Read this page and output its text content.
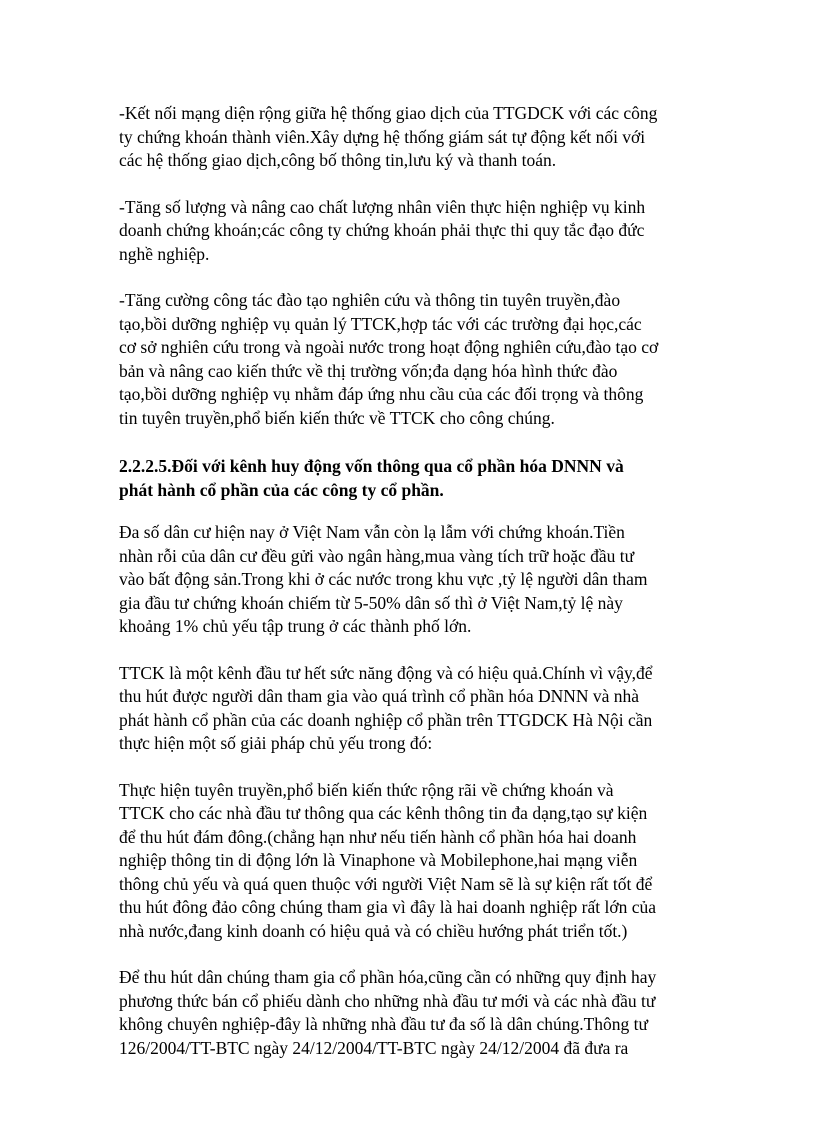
-Kết nối mạng diện rộng giữa hệ thống giao dịch của TTGDCK với các công
ty chứng khoán thành viên.Xây dựng hệ thống giám sát tự động kết nối với
các hệ thống giao dịch,công bố thông tin,lưu ký và thanh toán.

-Tăng số lượng và nâng cao chất lượng nhân viên thực hiện nghiệp vụ kinh
doanh chứng khoán;các công ty chứng khoán phải thực thi quy tắc đạo đức
nghề nghiệp.

-Tăng cường công tác đào tạo nghiên cứu và thông tin tuyên truyền,đào
tạo,bồi dưỡng nghiệp vụ quản lý TTCK,hợp tác với các trường đại học,các
cơ sở nghiên cứu trong và ngoài nước trong hoạt động nghiên cứu,đào tạo cơ
bản và nâng cao kiến thức về thị trường vốn;đa dạng hóa hình thức đào
tạo,bồi dưỡng nghiệp vụ nhằm đáp ứng nhu cầu của các đối trọng và thông
tin tuyên truyền,phổ biến kiến thức về TTCK cho công chúng.

2.2.2.5.Đối với kênh huy động vốn thông qua cổ phần hóa DNNN và
phát hành cổ phần của các công ty cổ phần.

Đa số dân cư hiện nay ở Việt Nam vẫn còn lạ lẫm với chứng khoán.Tiền
nhàn rỗi của dân cư đều gửi vào ngân hàng,mua vàng tích trữ hoặc đầu tư
vào bất động sản.Trong khi ở các nước trong khu vực ,tỷ lệ người dân tham
gia đầu tư chứng khoán chiếm từ 5-50% dân số thì ở Việt Nam,tỷ lệ này
khoảng 1% chủ yếu tập trung ở các thành phố lớn.

TTCK là một kênh đầu tư hết sức năng động và có hiệu quả.Chính vì vậy,để
thu hút được người dân tham gia vào quá trình cổ phần hóa DNNN và nhà
phát hành cổ phần của các doanh nghiệp cổ phần trên TTGDCK Hà Nội cần
thực hiện một số giải pháp chủ yếu trong đó:

Thực hiện tuyên truyền,phổ biến kiến thức rộng rãi về chứng khoán và
TTCK cho các nhà đầu tư thông qua các kênh thông tin đa dạng,tạo sự kiện
để thu hút đám đông.(chẳng hạn như nếu tiến hành cổ phần hóa hai doanh
nghiệp thông tin di động lớn là Vinaphone và Mobilephone,hai mạng viễn
thông chủ yếu và quá quen thuộc với người Việt Nam sẽ là sự kiện rất tốt để
thu hút đông đảo công chúng tham gia vì đây là hai doanh nghiệp rất lớn của
nhà nước,đang kinh doanh có hiệu quả và có chiều hướng phát triển tốt.)

Để thu hút dân chúng tham gia cổ phần hóa,cũng cần có những quy định hay
phương thức bán cổ phiếu dành cho những nhà đầu tư mới và các nhà đầu tư
không chuyên nghiệp-đây là những nhà đầu tư đa số là dân chúng.Thông tư
126/2004/TT-BTC ngày 24/12/2004/TT-BTC ngày 24/12/2004 đã đưa ra
